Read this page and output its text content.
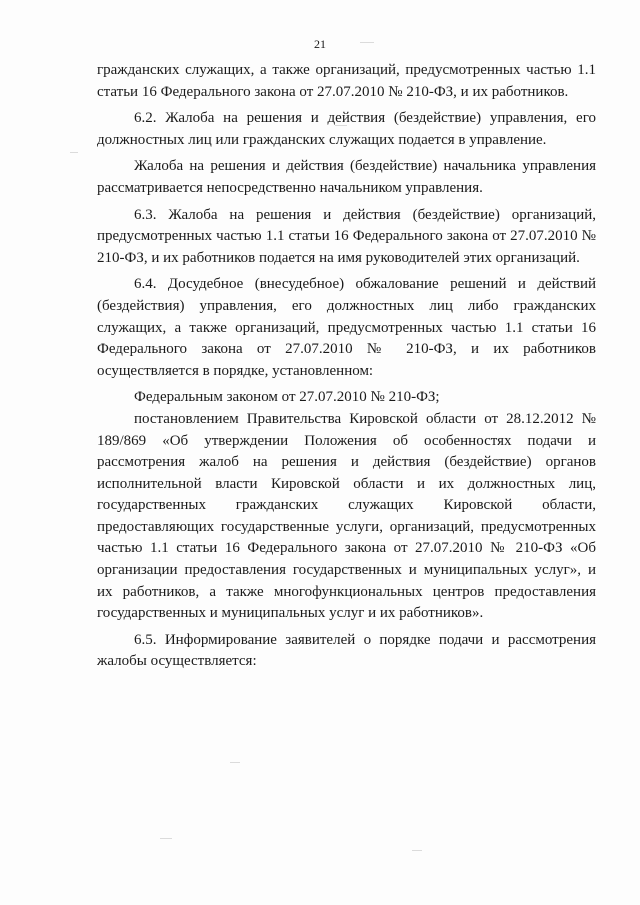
21

гражданских служащих, а также организаций, предусмотренных частью 1.1 статьи 16 Федерального закона от 27.07.2010 № 210-ФЗ, и их работников.

6.2. Жалоба на решения и действия (бездействие) управления, его должностных лиц или гражданских служащих подается в управление.

Жалоба на решения и действия (бездействие) начальника управления рассматривается непосредственно начальником управления.

6.3. Жалоба на решения и действия (бездействие) организаций, предусмотренных частью 1.1 статьи 16 Федерального закона от 27.07.2010 № 210-ФЗ, и их работников подается на имя руководителей этих организаций.

6.4. Досудебное (внесудебное) обжалование решений и действий (бездействия) управления, его должностных лиц либо гражданских служащих, а также организаций, предусмотренных частью 1.1 статьи 16 Федерального закона от 27.07.2010 № 210-ФЗ, и их работников осуществляется в порядке, установленном:

Федеральным законом от 27.07.2010 № 210-ФЗ;

постановлением Правительства Кировской области от 28.12.2012 № 189/869 «Об утверждении Положения об особенностях подачи и рассмотрения жалоб на решения и действия (бездействие) органов исполнительной власти Кировской области и их должностных лиц, государственных гражданских служащих Кировской области, предоставляющих государственные услуги, организаций, предусмотренных частью 1.1 статьи 16 Федерального закона от 27.07.2010 № 210-ФЗ «Об организации предоставления государственных и муниципальных услуг», и их работников, а также многофункциональных центров предоставления государственных и муниципальных услуг и их работников».

6.5. Информирование заявителей о порядке подачи и рассмотрения жалобы осуществляется:
